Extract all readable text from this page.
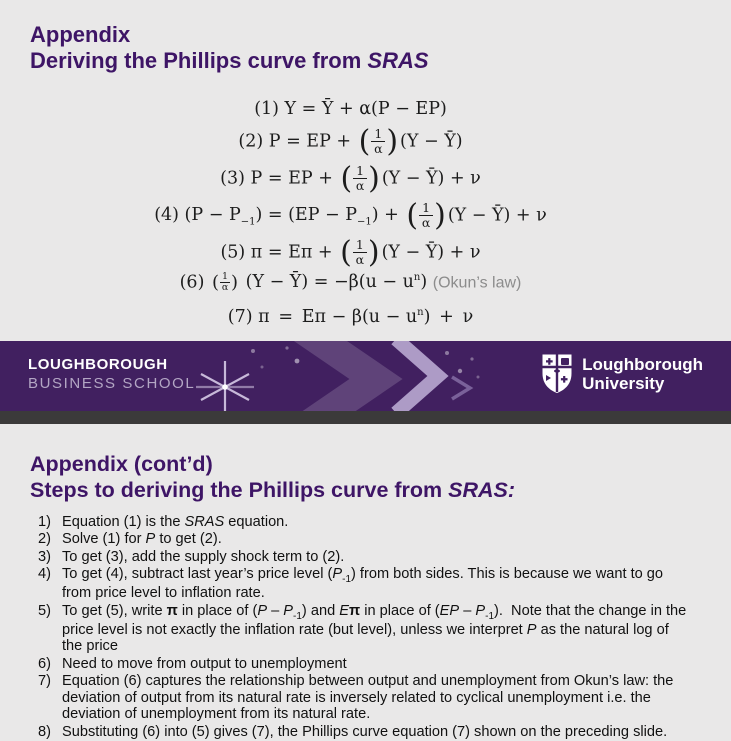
Appendix
Deriving the Phillips curve from SRAS
(1) Y = Ȳ + α(P − EP)
(2) P = EP + ( $\frac{1}{\alpha}$ ) (Y − Ȳ)
(3) P = EP + ( $\frac{1}{\alpha}$ ) (Y − Ȳ) + ν
(4) $(P - P_{-1}) = (EP - P_{-1})$ + ( $\frac{1}{\alpha}$ ) (Y − Ȳ) + ν
(5) π = Eπ + ( $\frac{1}{\alpha}$ ) (Y − Ȳ) + ν
(6) ( $\frac{1}{\alpha}$ ) (Y − Ȳ) = $-\beta(u - u^n)$ (Okun’s law)
(7) π = $E\pi - \beta(u - u^n)$ + ν
LOUGHBOROUGH
BUSINESS SCHOOL
Loughborough
University
Appendix (cont’d)
Steps to deriving the Phillips curve from SRAS:
1) Equation (1) is the SRAS equation.
2) Solve (1) for P to get (2).
3) To get (3), add the supply shock term to (2).
4) To get (4), subtract last year’s price level $(P_{-1})$ from both sides. This is because we want to go from price level to inflation rate.
5) To get (5), write π in place of $(P - P_{-1})$ and Eπ in place of $(EP - P_{-1})$.  Note that the change in the price level is not exactly the inflation rate (but level), unless we interpret P as the natural log of the price
6) Need to move from output to unemployment
7) Equation (6) captures the relationship between output and unemployment from Okun’s law: the deviation of output from its natural rate is inversely related to cyclical unemployment i.e. the deviation of unemployment from its natural rate.
8) Substituting (6) into (5) gives (7), the Phillips curve equation (7) shown on the preceding slide.
